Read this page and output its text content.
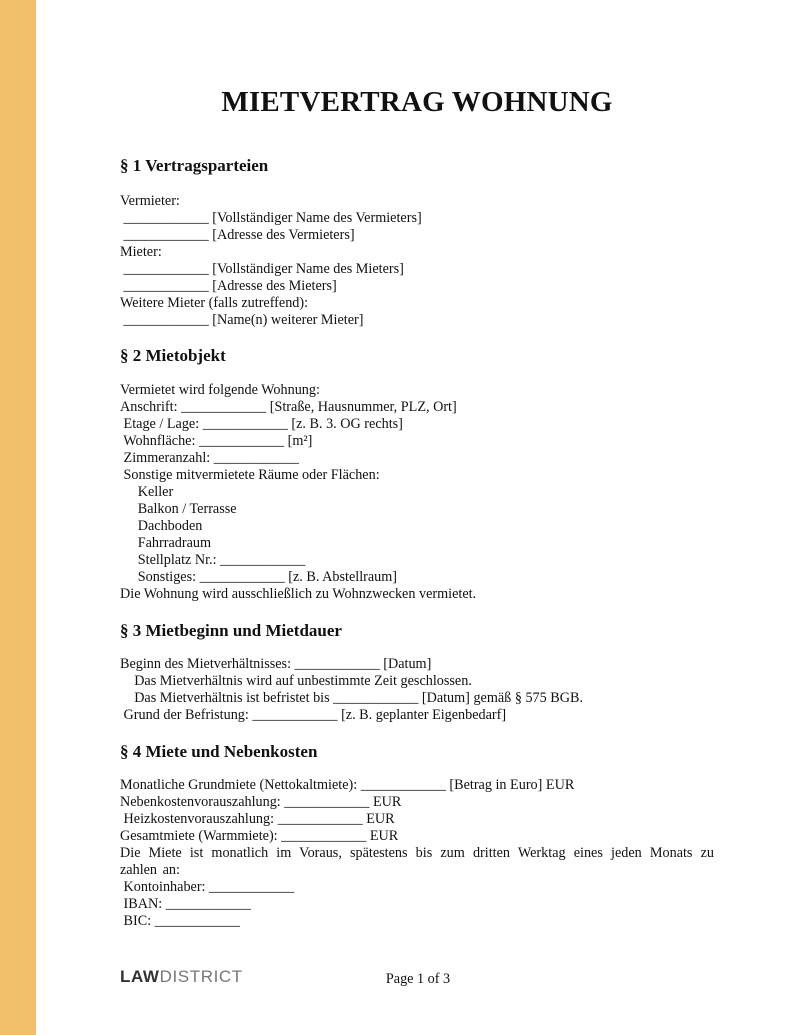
MIETVERTRAG WOHNUNG
§ 1 Vertragsparteien
Vermieter:
____________ [Vollständiger Name des Vermieters]
____________ [Adresse des Vermieters]
Mieter:
____________ [Vollständiger Name des Mieters]
____________ [Adresse des Mieters]
Weitere Mieter (falls zutreffend):
____________ [Name(n) weiterer Mieter]
§ 2 Mietobjekt
Vermietet wird folgende Wohnung:
Anschrift: ____________ [Straße, Hausnummer, PLZ, Ort]
Etage / Lage: ____________ [z. B. 3. OG rechts]
Wohnfläche: ____________ [m²]
Zimmeranzahl: ____________
Sonstige mitvermietete Räume oder Flächen:
Keller
Balkon / Terrasse
Dachboden
Fahrradraum
Stellplatz Nr.: ____________
Sonstiges: ____________ [z. B. Abstellraum]
Die Wohnung wird ausschließlich zu Wohnzwecken vermietet.
§ 3 Mietbeginn und Mietdauer
Beginn des Mietverhältnisses: ____________ [Datum]
Das Mietverhältnis wird auf unbestimmte Zeit geschlossen.
Das Mietverhältnis ist befristet bis ____________ [Datum] gemäß § 575 BGB.
Grund der Befristung: ____________ [z. B. geplanter Eigenbedarf]
§ 4 Miete und Nebenkosten
Monatliche Grundmiete (Nettokaltmiete): ____________ [Betrag in Euro] EUR
Nebenkostenvorauszahlung: ____________ EUR
Heizkostenvorauszahlung: ____________ EUR
Gesamtmiete (Warmmiete): ____________ EUR
Die Miete ist monatlich im Voraus, spätestens bis zum dritten Werktag eines jeden Monats zu zahlen an:
Kontoinhaber: ____________
IBAN: ____________
BIC: ____________
LAWDISTRICT	Page 1 of 3
